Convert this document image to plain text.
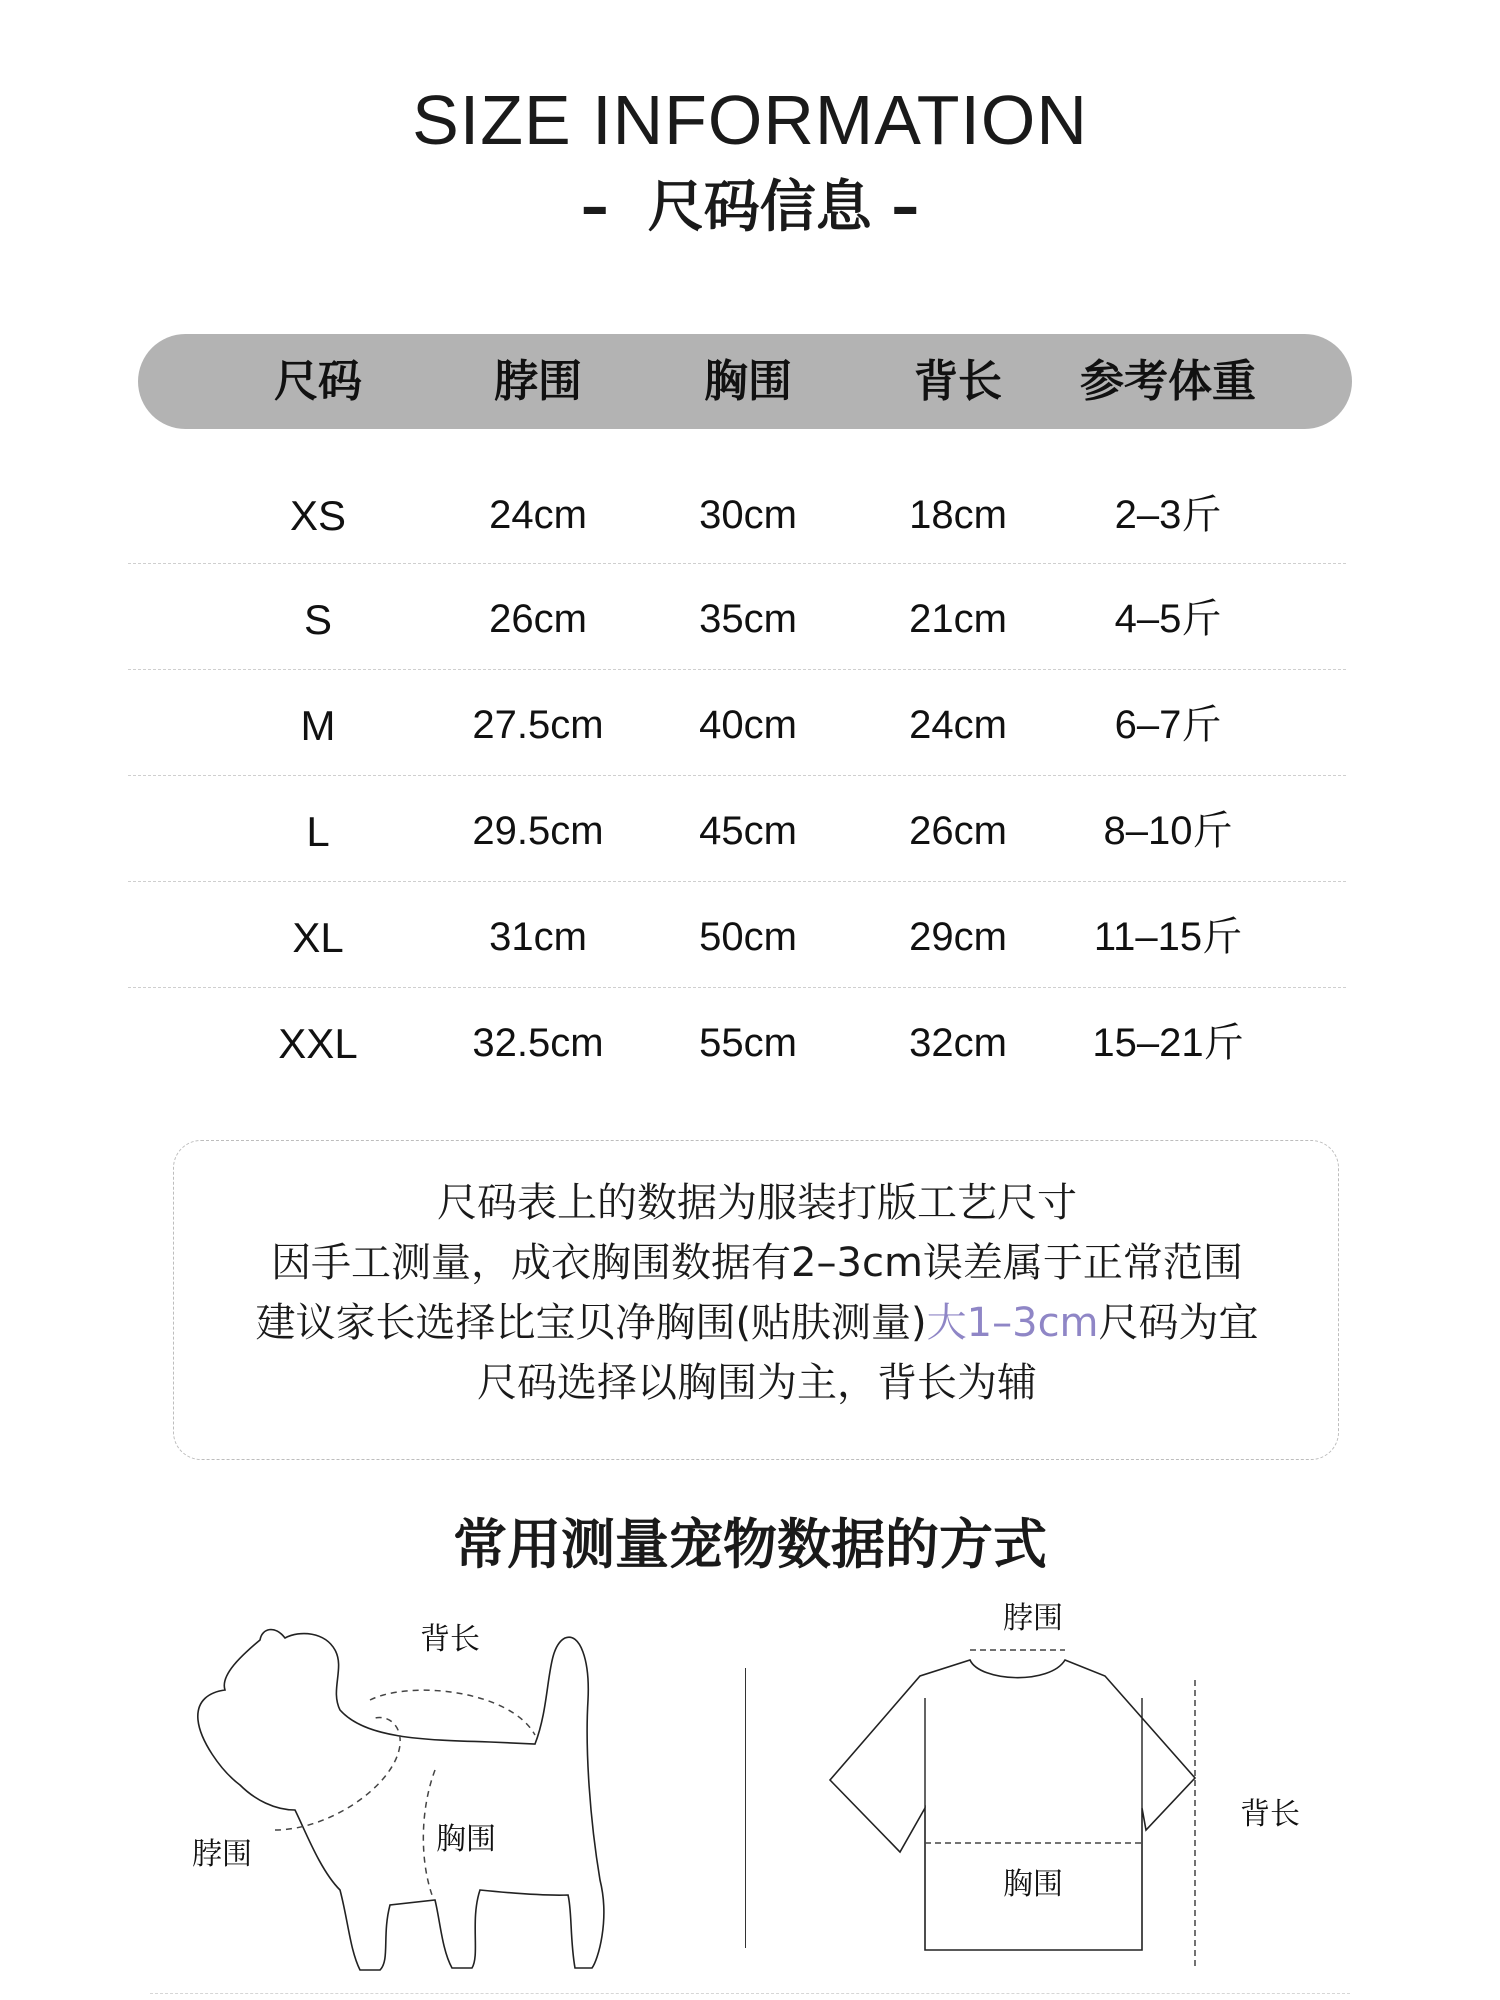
SIZE INFORMATION
–  尺码信息 –
尺码	脖围	胸围	背长	参考体重
XS	24cm	30cm	18cm	2–3斤
S	26cm	35cm	21cm	4–5斤
M	27.5cm	40cm	24cm	6–7斤
L	29.5cm	45cm	26cm	8–10斤
XL	31cm	50cm	29cm	11–15斤
XXL	32.5cm	55cm	32cm	15–21斤
尺码表上的数据为服装打版工艺尺寸
因手工测量，成衣胸围数据有2–3cm误差属于正常范围
建议家长选择比宝贝净胸围(贴肤测量)大1–3cm尺码为宜
尺码选择以胸围为主，背长为辅
常用测量宠物数据的方式
背长
脖围	胸围
脖围
背长
胸围
